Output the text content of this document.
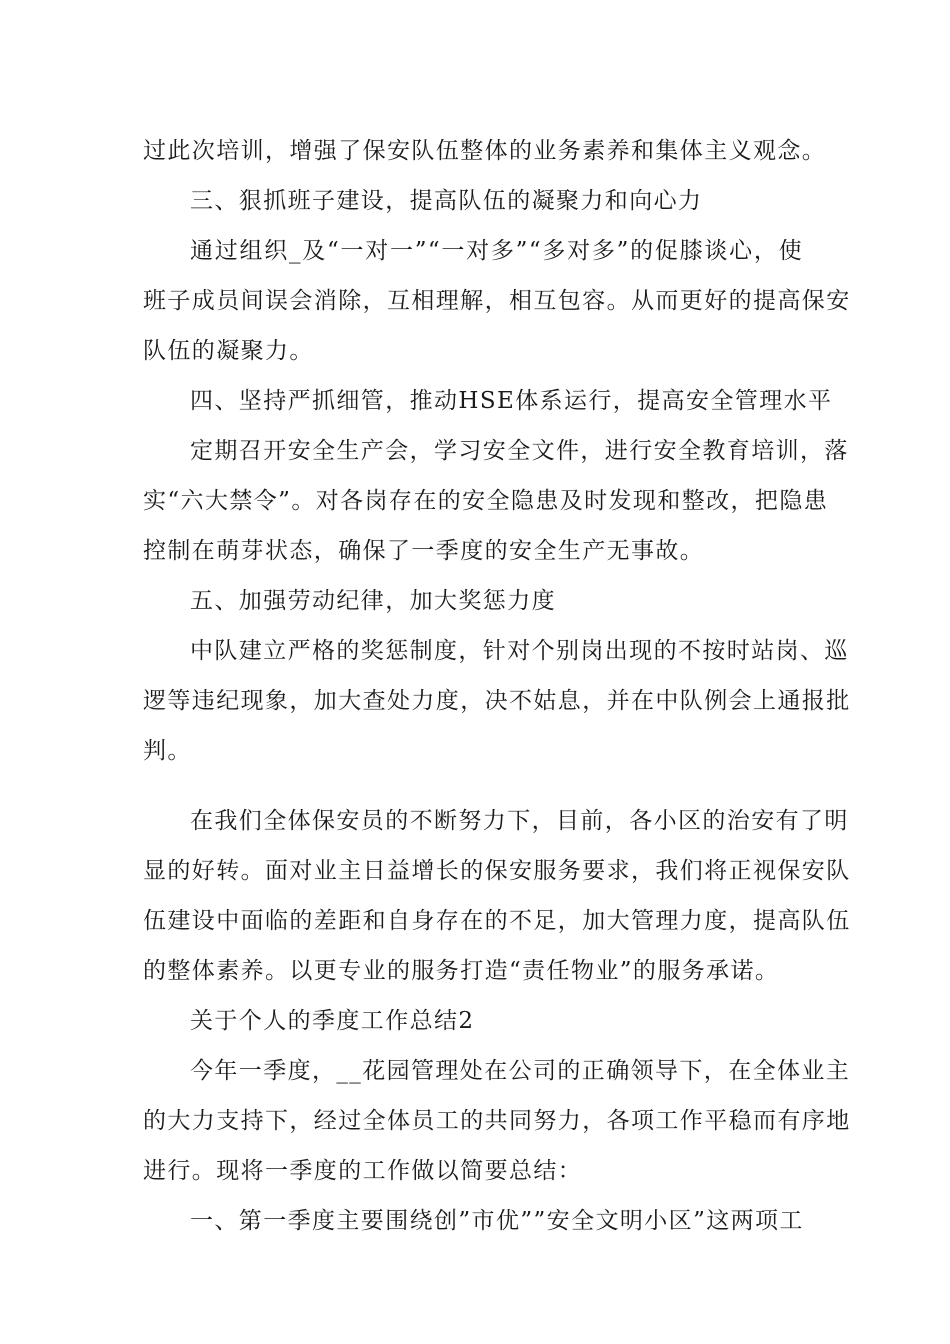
过此次培训，增强了保安队伍整体的业务素养和集体主义观念。
三、狠抓班子建设，提高队伍的凝聚力和向心力
通过组织_及“一对一”“一对多”“多对多”的促膝谈心，使
班子成员间误会消除，互相理解，相互包容。从而更好的提高保安
队伍的凝聚力。
四、坚持严抓细管，推动HSE体系运行，提高安全管理水平
定期召开安全生产会，学习安全文件，进行安全教育培训，落
实“六大禁令”。对各岗存在的安全隐患及时发现和整改，把隐患
控制在萌芽状态，确保了一季度的安全生产无事故。
五、加强劳动纪律，加大奖惩力度
中队建立严格的奖惩制度，针对个别岗出现的不按时站岗、巡
逻等违纪现象，加大查处力度，决不姑息，并在中队例会上通报批
判。
在我们全体保安员的不断努力下，目前，各小区的治安有了明
显的好转。面对业主日益增长的保安服务要求，我们将正视保安队
伍建设中面临的差距和自身存在的不足，加大管理力度，提高队伍
的整体素养。以更专业的服务打造“责任物业”的服务承诺。
关于个人的季度工作总结2
今年一季度，__花园管理处在公司的正确领导下，在全体业主
的大力支持下，经过全体员工的共同努力，各项工作平稳而有序地
进行。现将一季度的工作做以简要总结：
一、第一季度主要围绕创”市优””安全文明小区”这两项工
